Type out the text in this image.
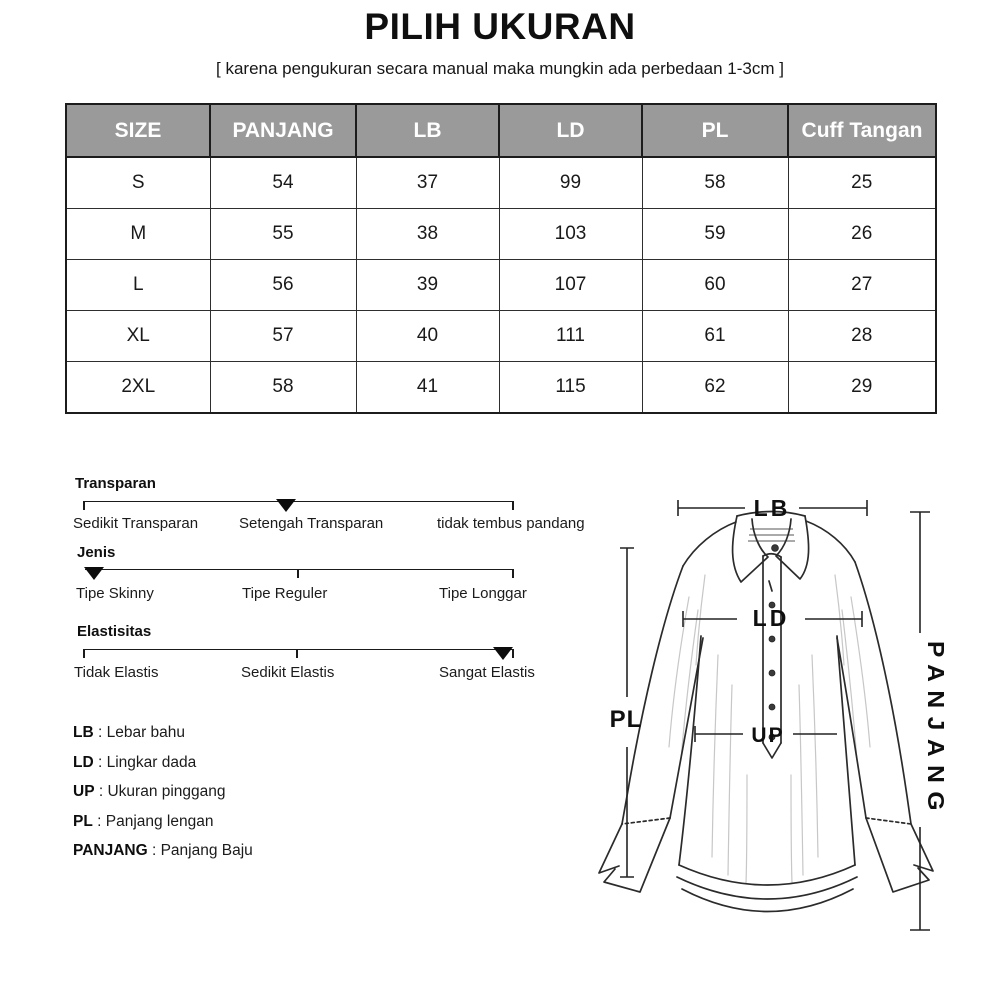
PILIH UKURAN
[ karena pengukuran secara manual maka mungkin ada perbedaan 1-3cm ]
SIZE	PANJANG	LB	LD	PL	Cuff Tangan
S	54	37	99	58	25
M	55	38	103	59	26
L	56	39	107	60	27
XL	57	40	111	61	28
2XL	58	41	115	62	29
Transparan
Sedikit Transparan	Setengah Transparan	tidak tembus pandang
Jenis
Tipe Skinny	Tipe Reguler	Tipe Longgar
Elastisitas
Tidak Elastis	Sedikit Elastis	Sangat Elastis
LB : Lebar bahu
LD : Lingkar dada
UP : Ukuran pinggang
PL : Panjang lengan
PANJANG : Panjang Baju
LB
LD
UP
PL	PANJANG
